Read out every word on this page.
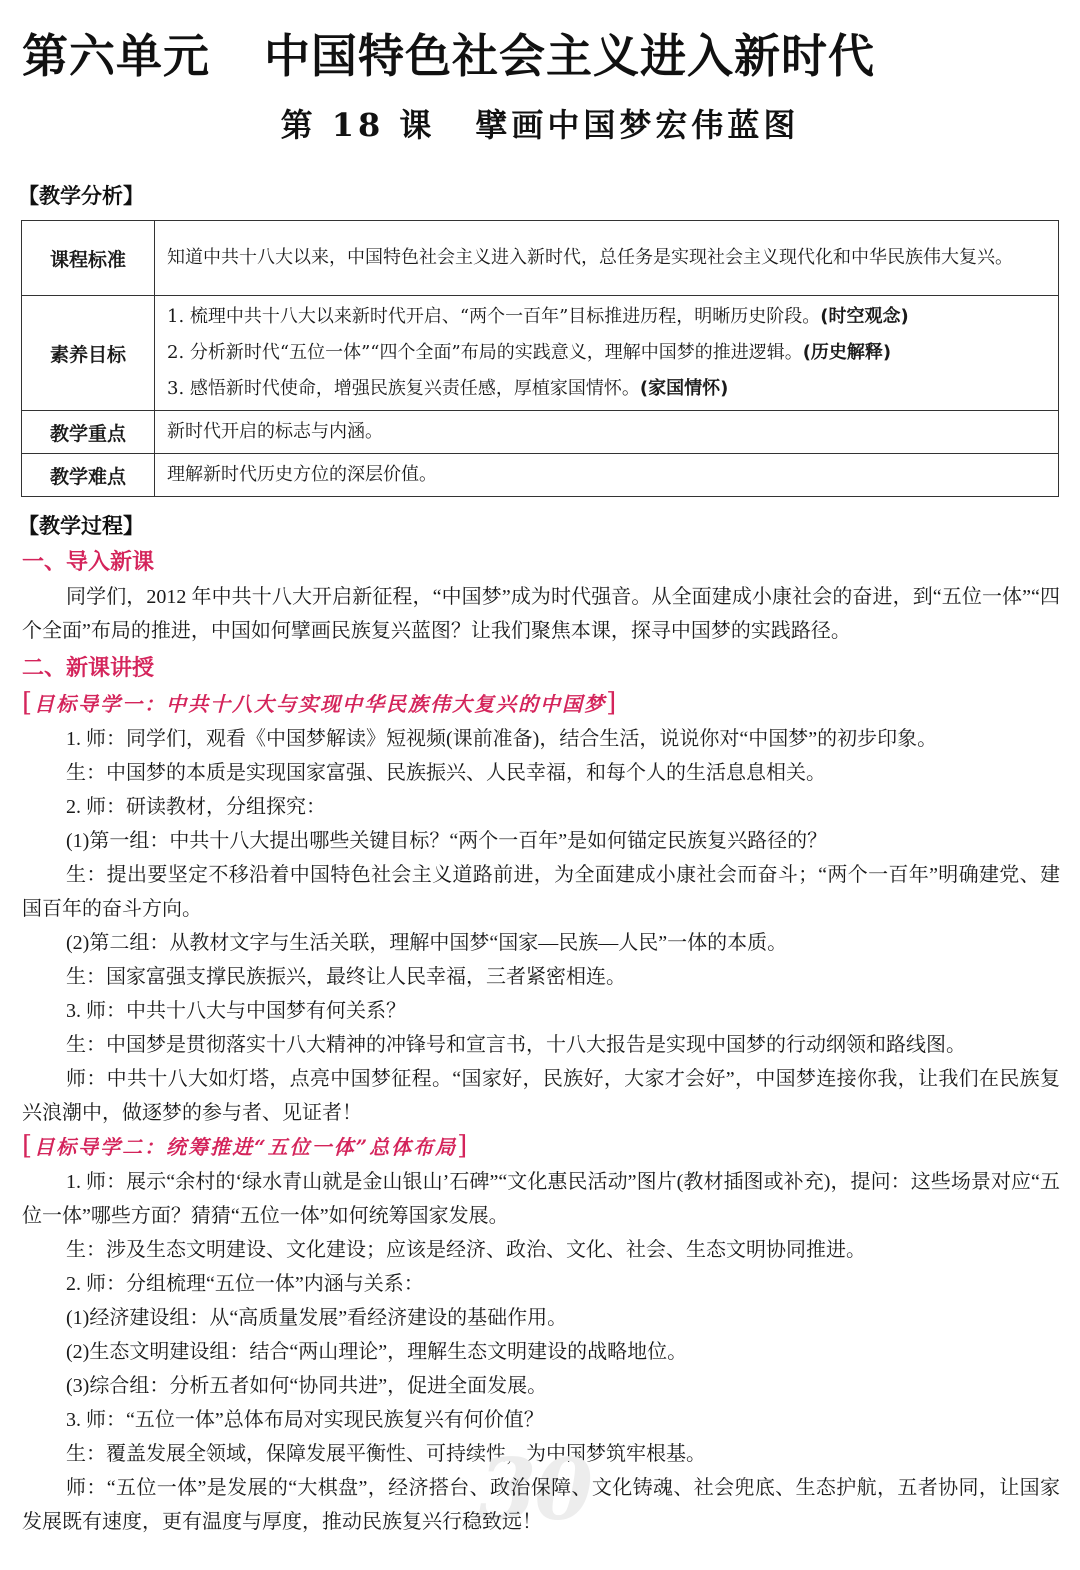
第六单元 中国特色社会主义进入新时代
第 18 课 擘画中国梦宏伟蓝图
【教学分析】
课程标准	知道中共十八大以来，中国特色社会主义进入新时代，总任务是实现社会主义现代化和中华民族伟大复兴。
素养目标	1. 梳理中共十八大以来新时代开启、“两个一百年”目标推进历程，明晰历史阶段。(时空观念)
2. 分析新时代“五位一体”“四个全面”布局的实践意义，理解中国梦的推进逻辑。(历史解释)
3. 感悟新时代使命，增强民族复兴责任感，厚植家国情怀。(家国情怀)

教学重点	新时代开启的标志与内涵。
教学难点	理解新时代历史方位的深层价值。
【教学过程】
一、导入新课

同学们，2012 年中共十八大开启新征程，“中国梦”成为时代强音。从全面建成小康社会的奋进，到“五位一体”“四个全面”布局的推进，中国如何擘画民族复兴蓝图？让我们聚焦本课，探寻中国梦的实践路径。

二、新课讲授
[目标导学一：中共十八大与实现中华民族伟大复兴的中国梦]

1. 师：同学们，观看《中国梦解读》短视频(课前准备)，结合生活，说说你对“中国梦”的初步印象。

生：中国梦的本质是实现国家富强、民族振兴、人民幸福，和每个人的生活息息相关。

2. 师：研读教材，分组探究：

(1)第一组：中共十八大提出哪些关键目标？“两个一百年”是如何锚定民族复兴路径的？

生：提出要坚定不移沿着中国特色社会主义道路前进，为全面建成小康社会而奋斗；“两个一百年”明确建党、建国百年的奋斗方向。

(2)第二组：从教材文字与生活关联，理解中国梦“国家—民族—人民”一体的本质。

生：国家富强支撑民族振兴，最终让人民幸福，三者紧密相连。

3. 师：中共十八大与中国梦有何关系？

生：中国梦是贯彻落实十八大精神的冲锋号和宣言书，十八大报告是实现中国梦的行动纲领和路线图。

师：中共十八大如灯塔，点亮中国梦征程。“国家好，民族好，大家才会好”，中国梦连接你我，让我们在民族复兴浪潮中，做逐梦的参与者、见证者！

[目标导学二：统筹推进“五位一体”总体布局]

1. 师：展示“余村的‘绿水青山就是金山银山’石碑”“文化惠民活动”图片(教材插图或补充)，提问：这些场景对应“五位一体”哪些方面？猜猜“五位一体”如何统筹国家发展。

生：涉及生态文明建设、文化建设；应该是经济、政治、文化、社会、生态文明协同推进。

2. 师：分组梳理“五位一体”内涵与关系：

(1)经济建设组：从“高质量发展”看经济建设的基础作用。

(2)生态文明建设组：结合“两山理论”，理解生态文明建设的战略地位。

(3)综合组：分析五者如何“协同共进”，促进全面发展。

3. 师：“五位一体”总体布局对实现民族复兴有何价值？

生：覆盖发展全领域，保障发展平衡性、可持续性，为中国梦筑牢根基。

30

师：“五位一体”是发展的“大棋盘”，经济搭台、政治保障、文化铸魂、社会兜底、生态护航，五者协同，让国家发展既有速度，更有温度与厚度，推动民族复兴行稳致远！
